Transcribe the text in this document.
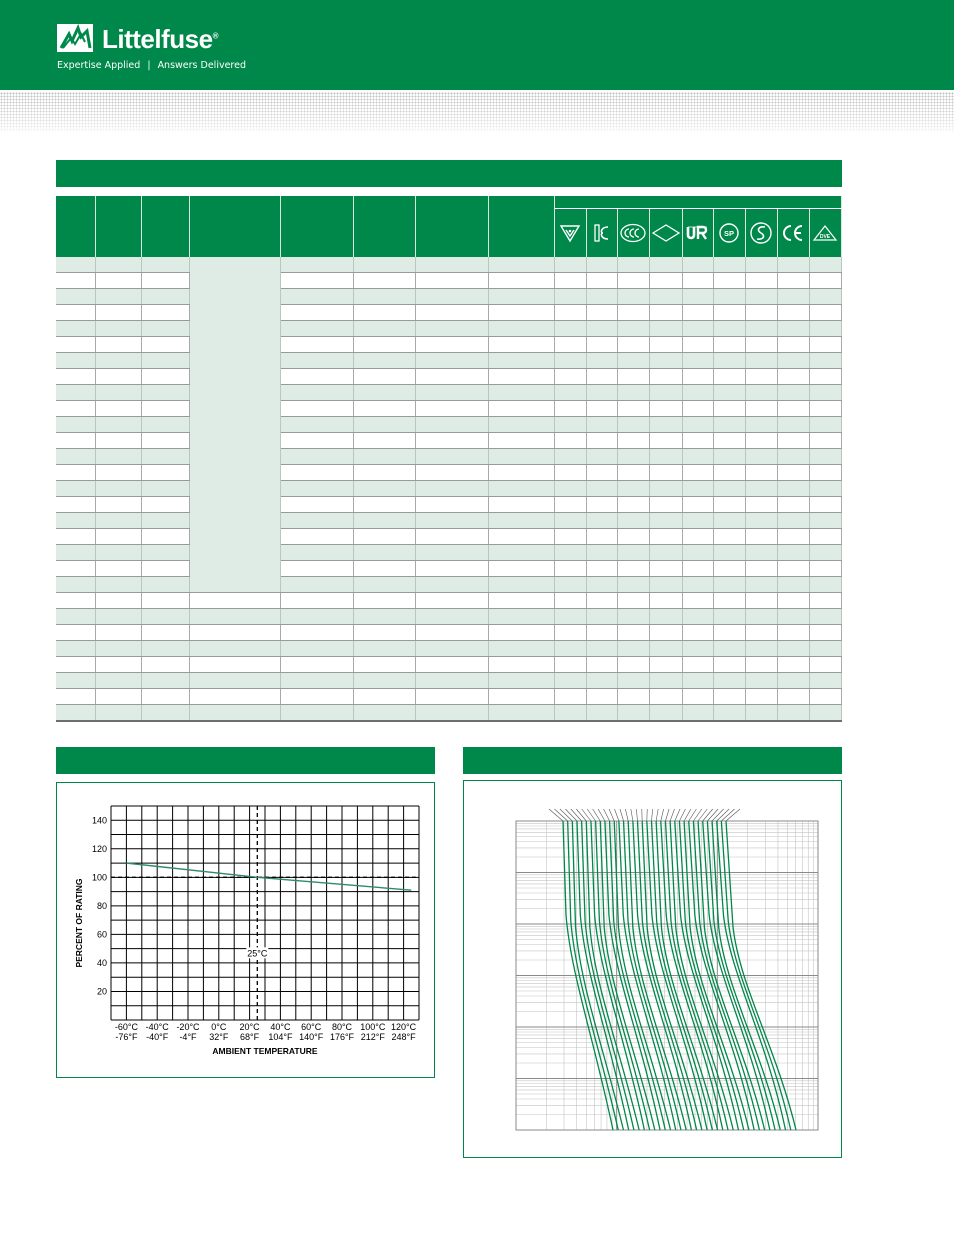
Littelfuse®
Expertise Applied | Answers Delivered

SP			DVE

20
40
60
80
100
120
140
-60°C
-76°F
-40°C
-40°F
-20°C
-4°F
0°C
32°F
20°C
68°F
40°C
104°F
60°C
140°F
80°C
176°F
100°C
212°F
120°C
248°F
PERCENT OF RATING
AMBIENT TEMPERATURE
25°C
